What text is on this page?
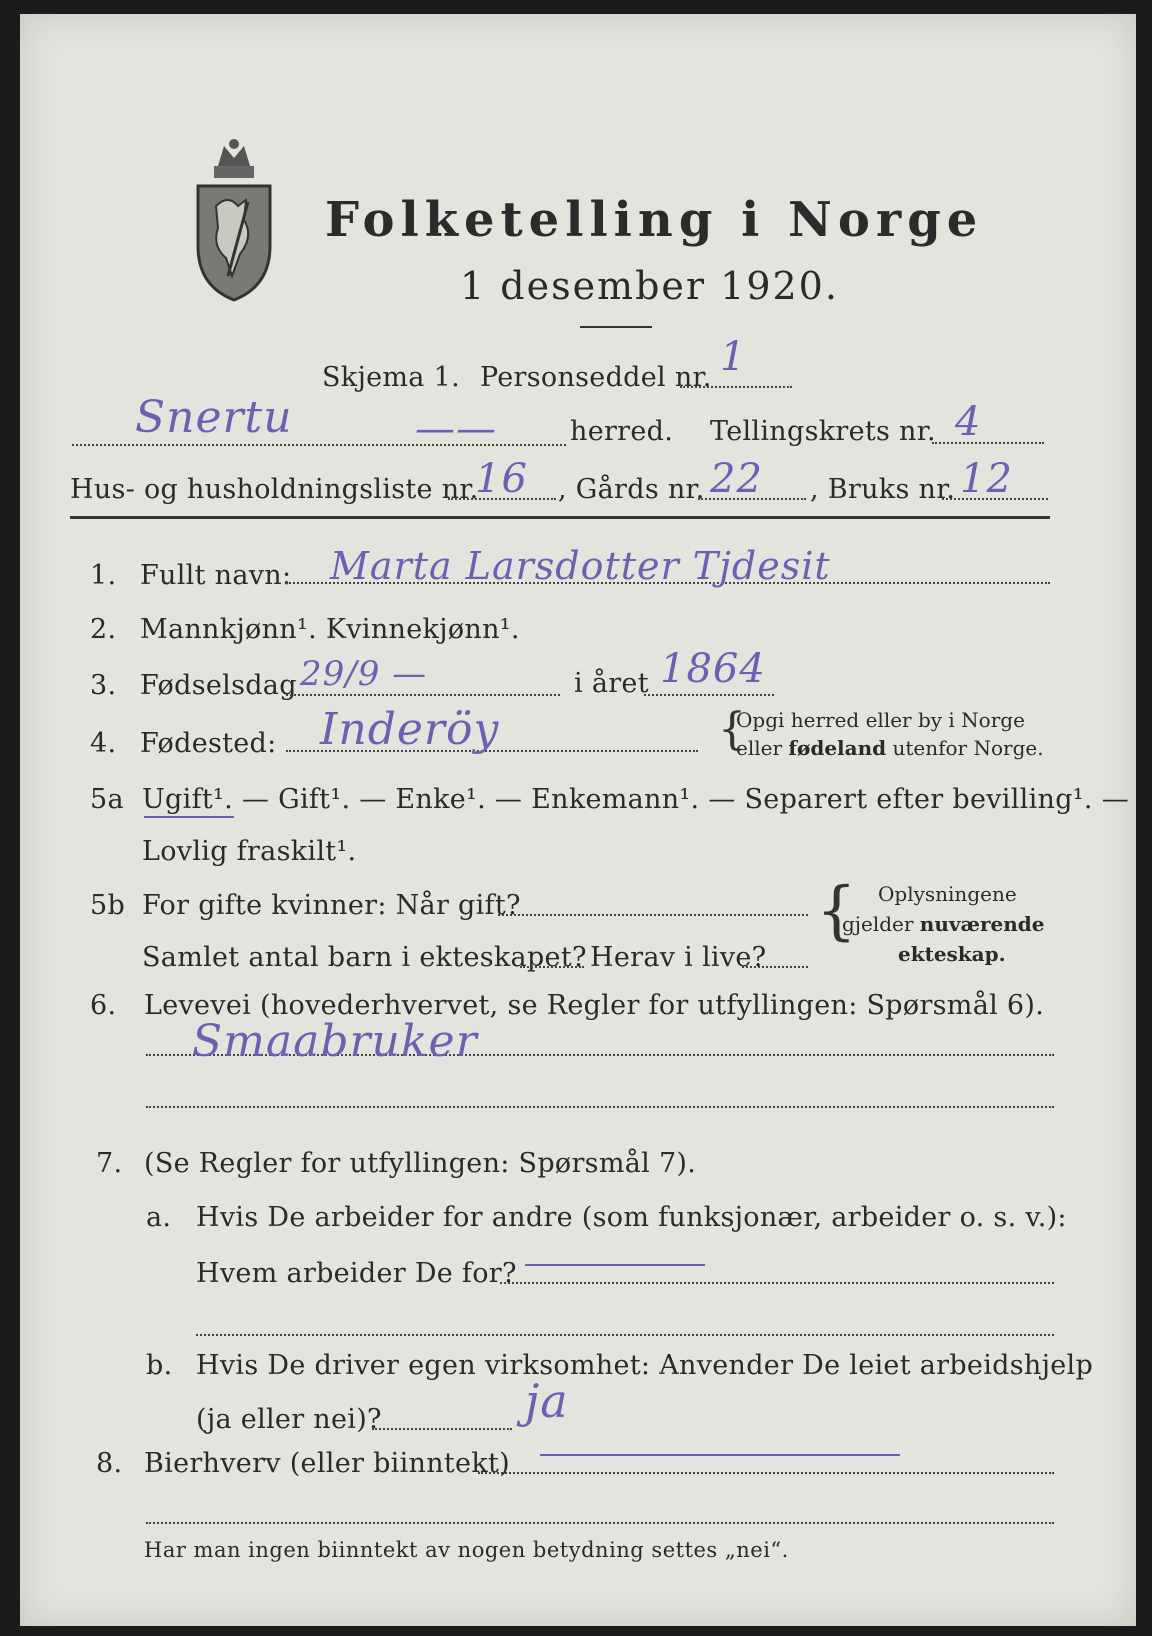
Folketelling i Norge
1 desember 1920.
Skjema 1. Personseddel nr. 1
Snertu	——	herred. Tellingskrets nr. 4
Hus- og husholdningsliste nr.
16 , Gårds nr. 22 , Bruks nr. 12
1. Fullt navn: Marta Larsdotter Tjdesit
2. Mannkjønn¹. Kvinnekjønn¹.
3. Fødselsdag 29/9 —	i året 1864
4. Fødested: Inderöy	{
Opgi herred eller by i Norge
eller fødeland utenfor Norge.
5a Ugift¹. — Gift¹. — Enke¹. — Enkemann¹. — Separert efter bevilling¹. —
Lovlig fraskilt¹.
5b For gifte kvinner: Når gift?
Samlet antal barn i ekteskapet? Herav i live?
{ Oplysningene
gjelder nuværende
ekteskap.
6. Levevei (hovederhvervet, se Regler for utfyllingen: Spørsmål 6).
Smaabruker
7. (Se Regler for utfyllingen: Spørsmål 7).
a. Hvis De arbeider for andre (som funksjonær, arbeider o. s. v.):
Hvem arbeider De for?
b. Hvis De driver egen virksomhet: Anvender De leiet arbeidshjelp
(ja eller nei)?	ja
8. Bierhverv (eller biinntekt)
Har man ingen biinntekt av nogen betydning settes „nei“.
